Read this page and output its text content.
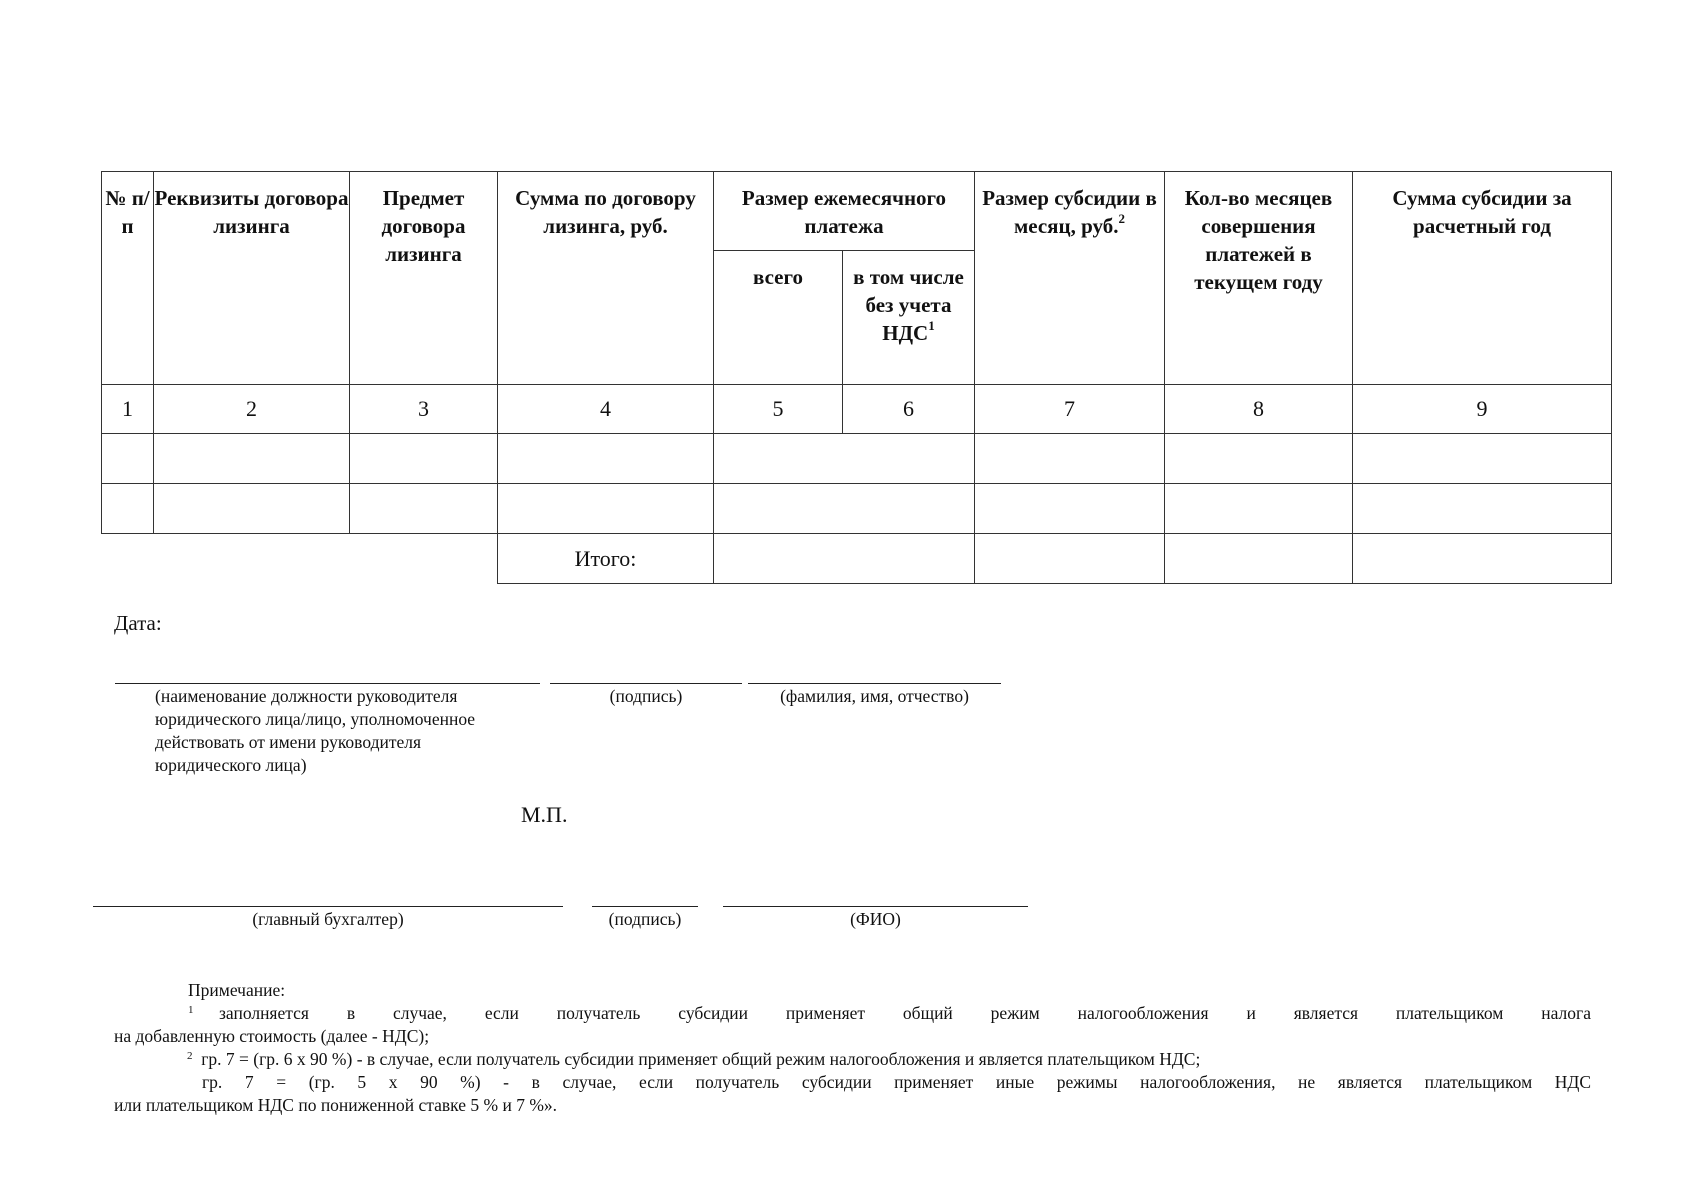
№ п/п	Реквизиты договора лизинга	Предмет договора лизинга	Сумма по договору лизинга, руб.	Размер ежемесячного платежа		Размер субсидии в месяц, руб.$^2$	Кол-во месяцев совершения платежей в текущем году	Сумма субсидии за расчетный год
				всего	в том числе без учета НДС$^1$
1	2	3	4	5	6	7	8	9

			Итого:					
Дата:
(наименование должности руководителя
юридического лица/лицо, уполномоченное
действовать от имени руководителя
юридического лица)
(подпись)	(фамилия, имя, отчество)
М.П.
(главный бухгалтер)	(подпись)	(ФИО)
Примечание:
$^1$	заполняется в случае, если получатель субсидии применяет общий режим налогообложения и является плательщиком налога
на добавленную стоимость (далее - НДС);
$^2$ гр. 7 = (гр. 6 х 90 %) - в случае, если получатель субсидии применяет общий режим налогообложения и является плательщиком НДС;
гр. 7 = (гр. 5 х 90 %) - в случае, если получатель субсидии применяет иные режимы налогообложения, не является плательщиком НДС
или плательщиком НДС по пониженной ставке 5 % и 7 %».
